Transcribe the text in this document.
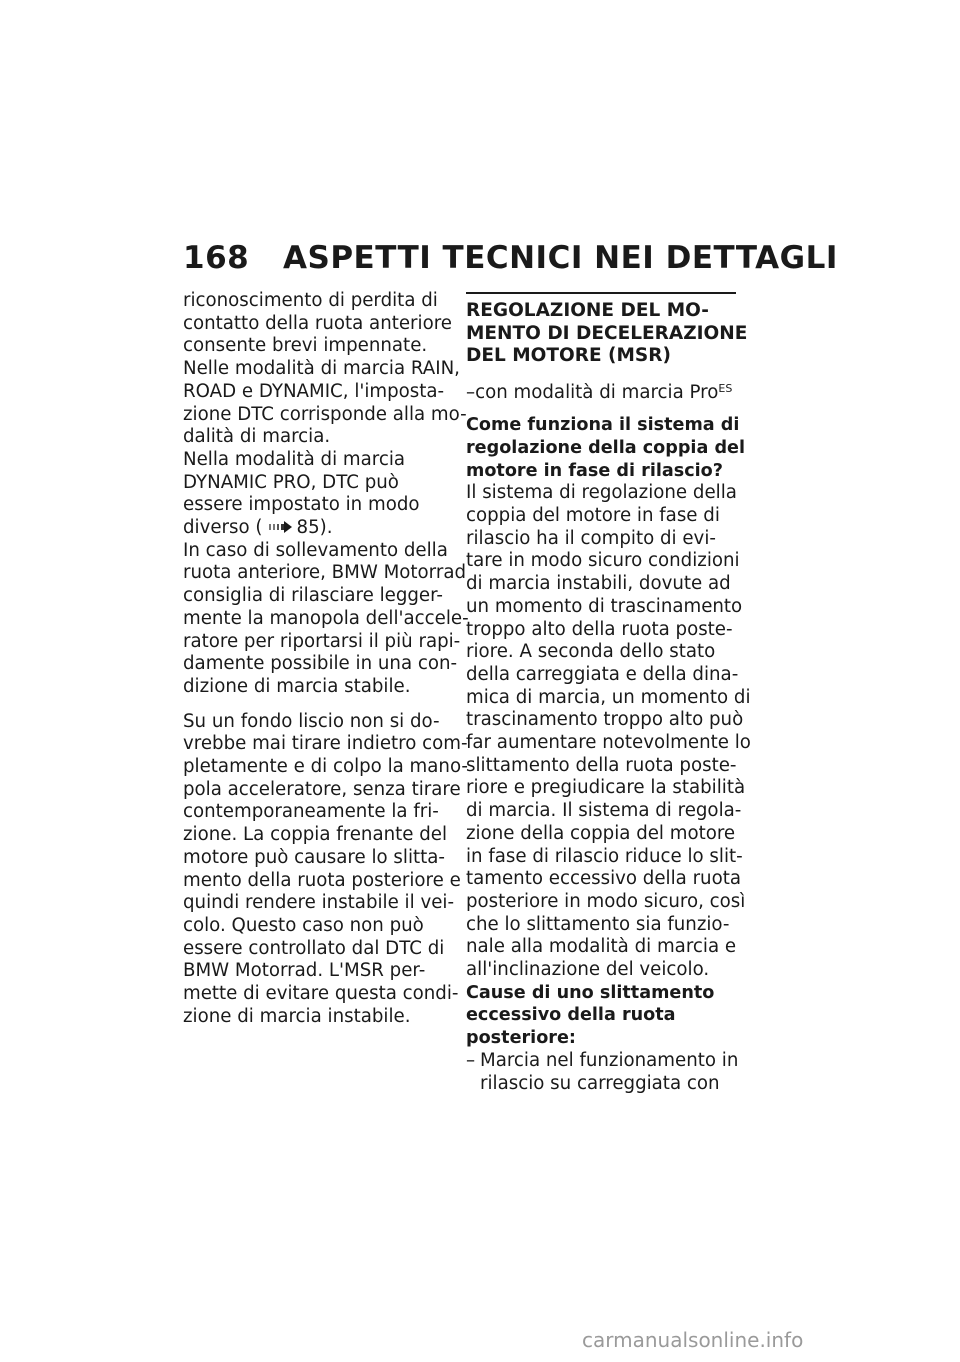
168 ASPETTI TECNICI NEI DETTAGLI

riconoscimento di perdita di

contatto della ruota anteriore

consente brevi impennate.

Nelle modalità di marcia RAIN,

ROAD e DYNAMIC, l'imposta-

zione DTC corrisponde alla mo-

dalità di marcia.

Nella modalità di marcia

DYNAMIC PRO, DTC può

essere impostato in modo

diverso ( 85).

In caso di sollevamento della

ruota anteriore, BMW Motorrad

consiglia di rilasciare legger-

mente la manopola dell'accele-

ratore per riportarsi il più rapi-

damente possibile in una con-

dizione di marcia stabile.

Su un fondo liscio non si do-

vrebbe mai tirare indietro com-

pletamente e di colpo la mano-

pola acceleratore, senza tirare

contemporaneamente la fri-

zione. La coppia frenante del

motore può causare lo slitta-

mento della ruota posteriore e

quindi rendere instabile il vei-

colo. Questo caso non può

essere controllato dal DTC di

BMW Motorrad. L'MSR per-

mette di evitare questa condi-

zione di marcia instabile.

REGOLAZIONE DEL MO-
MENTO DI DECELERAZIONE
DEL MOTORE (MSR)

–con modalità di marcia Pro$^{ES}$

Come funziona il sistema di
regolazione della coppia del
motore in fase di rilascio?

Il sistema di regolazione della

coppia del motore in fase di

rilascio ha il compito di evi-

tare in modo sicuro condizioni

di marcia instabili, dovute ad

un momento di trascinamento

troppo alto della ruota poste-

riore. A seconda dello stato

della carreggiata e della dina-

mica di marcia, un momento di

trascinamento troppo alto può

far aumentare notevolmente lo

slittamento della ruota poste-

riore e pregiudicare la stabilità

di marcia. Il sistema di regola-

zione della coppia del motore

in fase di rilascio riduce lo slit-

tamento eccessivo della ruota

posteriore in modo sicuro, così

che lo slittamento sia funzio-

nale alla modalità di marcia e

all'inclinazione del veicolo.

Cause di uno slittamento
eccessivo della ruota
posteriore:
– Marcia nel funzionamento in

rilascio su carreggiata con

carmanualsonline.info
